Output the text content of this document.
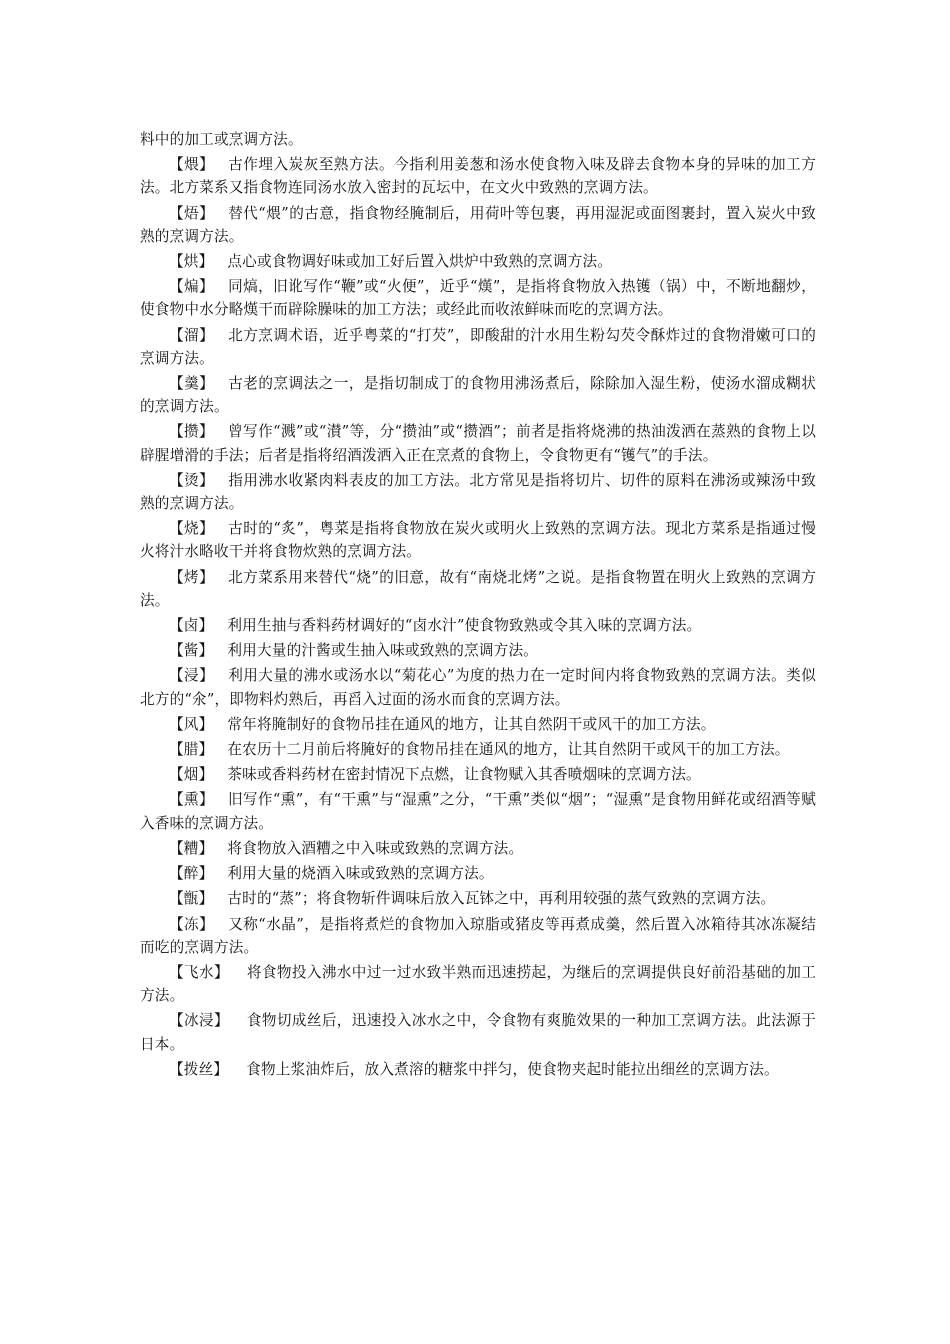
料中的加工或烹调方法。

【煨】 古作埋入炭灰至熟方法。今指利用姜葱和汤水使食物入味及辟去食物本身的异味的加工方法。北方菜系又指食物连同汤水放入密封的瓦坛中，在文火中致熟的烹调方法。

【焐】 替代“煨”的古意，指食物经腌制后，用荷叶等包裹，再用湿泥或面图裹封，置入炭火中致熟的烹调方法。

【烘】 点心或食物调好味或加工好后置入烘炉中致熟的烹调方法。

【煸】 同熇，旧讹写作“鞭”或“火便”，近乎“熯”，是指将食物放入热镬（锅）中，不断地翻炒，使食物中水分略熯干而辟除臊味的加工方法；或经此而收浓鲜味而吃的烹调方法。

【溜】 北方烹调术语，近乎粤菜的“打芡”，即酸甜的汁水用生粉勾芡令酥炸过的食物滑嫩可口的烹调方法。

【羹】 古老的烹调法之一，是指切制成丁的食物用沸汤煮后，除除加入湿生粉，使汤水溜成糊状的烹调方法。

【攒】 曾写作“溅”或“濽”等，分“攒油”或“攒酒”；前者是指将烧沸的热油泼洒在蒸熟的食物上以辟腥增滑的手法；后者是指将绍酒泼洒入正在烹煮的食物上，令食物更有“镬气”的手法。

【烫】 指用沸水收紧肉料表皮的加工方法。北方常见是指将切片、切件的原料在沸汤或辣汤中致熟的烹调方法。

【烧】 古时的“炙”，粤菜是指将食物放在炭火或明火上致熟的烹调方法。现北方菜系是指通过慢火将汁水略收干并将食物炊熟的烹调方法。

【烤】 北方菜系用来替代“烧”的旧意，故有“南烧北烤”之说。是指食物置在明火上致熟的烹调方法。

【卤】 利用生抽与香料药材调好的“卤水汁”使食物致熟或令其入味的烹调方法。

【酱】 利用大量的汁酱或生抽入味或致熟的烹调方法。

【浸】 利用大量的沸水或汤水以“菊花心”为度的热力在一定时间内将食物致熟的烹调方法。类似北方的“氽”，即物料灼熟后，再舀入过面的汤水而食的烹调方法。

【风】 常年将腌制好的食物吊挂在通风的地方，让其自然阴干或风干的加工方法。

【腊】 在农历十二月前后将腌好的食物吊挂在通风的地方，让其自然阴干或风干的加工方法。

【烟】 茶味或香料药材在密封情况下点燃，让食物赋入其香喷烟味的烹调方法。

【熏】 旧写作“熏”，有“干熏”与“湿熏”之分，“干熏”类似“烟”；“湿熏”是食物用鲜花或绍酒等赋入香味的烹调方法。

【糟】 将食物放入酒糟之中入味或致熟的烹调方法。

【醉】 利用大量的烧酒入味或致熟的烹调方法。

【甑】 古时的“蒸”；将食物斩件调味后放入瓦钵之中，再利用较强的蒸气致熟的烹调方法。

【冻】 又称“水晶”，是指将煮烂的食物加入琼脂或猪皮等再煮成羹，然后置入冰箱待其冰冻凝结而吃的烹调方法。

【飞水】 将食物投入沸水中过一过水致半熟而迅速捞起，为继后的烹调提供良好前沿基础的加工方法。

【冰浸】 食物切成丝后，迅速投入冰水之中，令食物有爽脆效果的一种加工烹调方法。此法源于日本。

【拨丝】 食物上浆油炸后，放入煮溶的糖浆中拌匀，使食物夹起时能拉出细丝的烹调方法。
